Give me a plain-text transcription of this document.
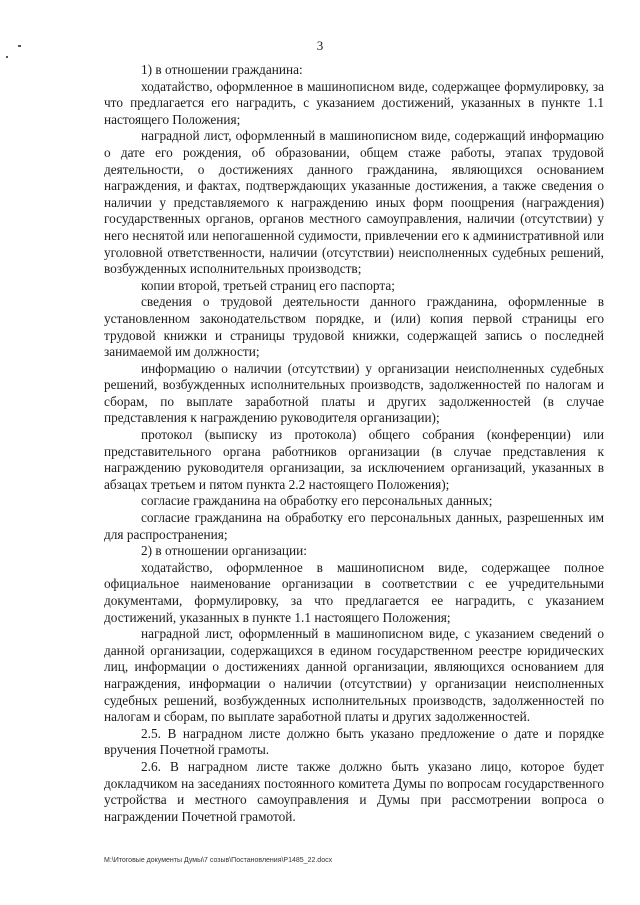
3

1) в отношении гражданина:

ходатайство, оформленное в машинописном виде, содержащее формулировку, за что предлагается его наградить, с указанием достижений, указанных в пункте 1.1 настоящего Положения;

наградной лист, оформленный в машинописном виде, содержащий информацию о дате его рождения, об образовании, общем стаже работы, этапах трудовой деятельности, о достижениях данного гражданина, являющихся основанием награждения, и фактах, подтверждающих указанные достижения, а также сведения о наличии у представляемого к награждению иных форм поощрения (награждения) государственных органов, органов местного самоуправления, наличии (отсутствии) у него неснятой или непогашенной судимости, привлечении его к административной или уголовной ответственности, наличии (отсутствии) неисполненных судебных решений, возбужденных исполнительных производств;

копии второй, третьей страниц его паспорта;

сведения о трудовой деятельности данного гражданина, оформленные в установленном законодательством порядке, и (или) копия первой страницы его трудовой книжки и страницы трудовой книжки, содержащей запись о последней занимаемой им должности;

информацию о наличии (отсутствии) у организации неисполненных судебных решений, возбужденных исполнительных производств, задолженностей по налогам и сборам, по выплате заработной платы и других задолженностей (в случае представления к награждению руководителя организации);

протокол (выписку из протокола) общего собрания (конференции) или представительного органа работников организации (в случае представления к награждению руководителя организации, за исключением организаций, указанных в абзацах третьем и пятом пункта 2.2 настоящего Положения);

согласие гражданина на обработку его персональных данных;

согласие гражданина на обработку его персональных данных, разрешенных им для распространения;

2) в отношении организации:

ходатайство, оформленное в машинописном виде, содержащее полное официальное наименование организации в соответствии с ее учредительными документами, формулировку, за что предлагается ее наградить, с указанием достижений, указанных в пункте 1.1 настоящего Положения;

наградной лист, оформленный в машинописном виде, с указанием сведений о данной организации, содержащихся в едином государственном реестре юридических лиц, информации о достижениях данной организации, являющихся основанием для награждения, информации о наличии (отсутствии) у организации неисполненных судебных решений, возбужденных исполнительных производств, задолженностей по налогам и сборам, по выплате заработной платы и других задолженностей.

2.5. В наградном листе должно быть указано предложение о дате и порядке вручения Почетной грамоты.

2.6. В наградном листе также должно быть указано лицо, которое будет докладчиком на заседаниях постоянного комитета Думы по вопросам государственного устройства и местного самоуправления и Думы при рассмотрении вопроса о награждении Почетной грамотой.

M:\Итоговые документы Думы\7 созыв\Постановления\Р1485_22.docx
